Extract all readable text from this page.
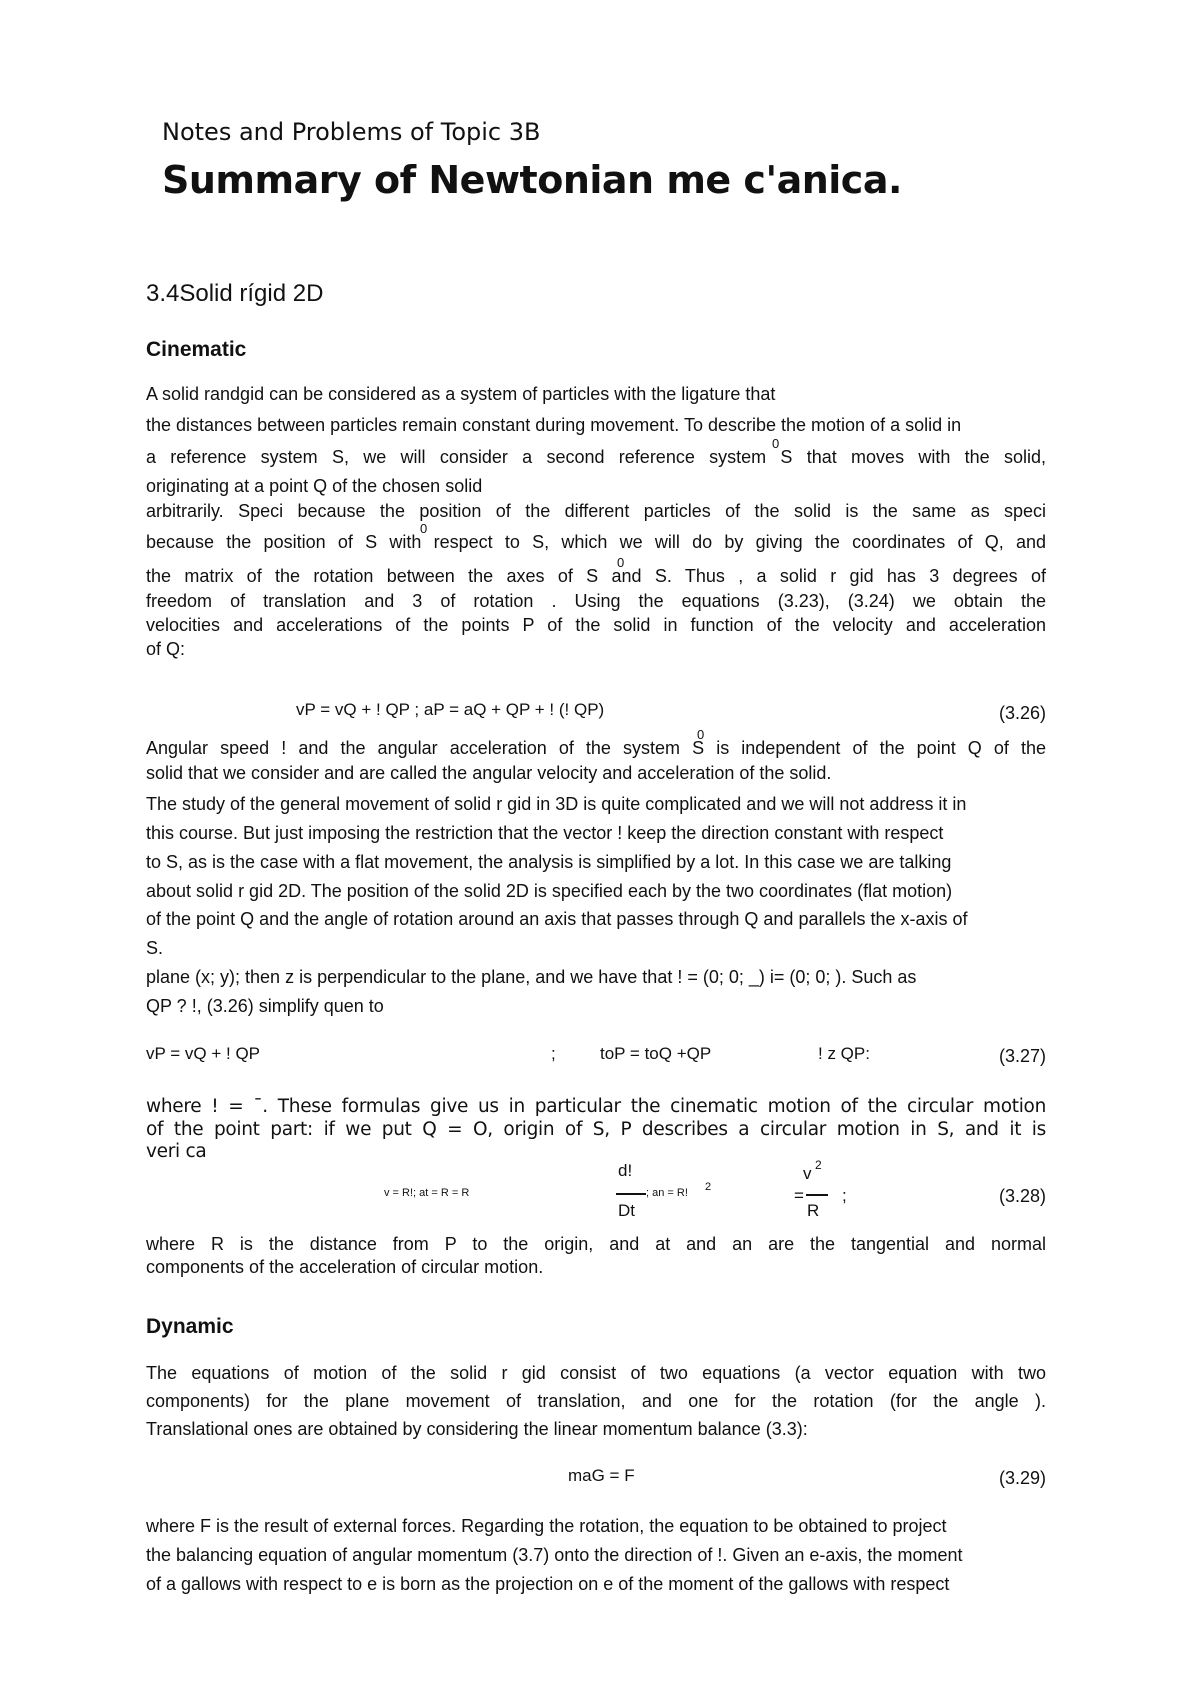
Notes and Problems of Topic 3B
Summary of Newtonian me c'anica.
3.4Solid rígid 2D
Cinematic
A solid randgid can be considered as a system of particles with the ligature that
the distances between particles remain constant during movement. To describe the motion of a solid in
a reference system S, we will consider a second reference system S that moves with the solid,
0
originating at a point Q of the chosen solid
arbitrarily. Speci because the position of the different particles of the solid is the same as speci
because the position of S with respect to S, which we will do by giving the coordinates of Q, and
0
the matrix of the rotation between the axes of S and S. Thus , a solid r gid has 3 degrees of
0
freedom of translation and 3 of rotation . Using the equations (3.23), (3.24) we obtain the
velocities and accelerations of the points P of the solid in function of the velocity and acceleration
of Q:
vP = vQ + ! QP ; aP = aQ + QP + ! (! QP)	(3.26)
Angular speed ! and the angular acceleration of the system S is independent of the point Q of the
0
solid that we consider and are called the angular velocity and acceleration of the solid.
The study of the general movement of solid r gid in 3D is quite complicated and we will not address it in
this course. But just imposing the restriction that the vector ! keep the direction constant with respect
to S, as is the case with a flat movement, the analysis is simplified by a lot. In this case we are talking
about solid r gid 2D. The position of the solid 2D is specified each by the two coordinates (flat motion)
of the point Q and the angle of rotation around an axis that passes through Q and parallels the x-axis of
S.
plane (x; y); then z is perpendicular to the plane, and we have that ! = (0; 0; _) i= (0; 0; ). Such as
QP ? !, (3.26) simplify quen to
vP = vQ + ! QP	;	toP = toQ +QP	! z QP:	(3.27)
where ! = ¯. These formulas give us in particular the cinematic motion of the circular motion
of the point part: if we put Q = O, origin of S, P describes a circular motion in S, and it is
veri ca
v = R!; at = R = R
d!
Dt
; an = R! 2
v 2
=
R
;	(3.28)
where R is the distance from P to the origin, and at and an are the tangential and normal
components of the acceleration of circular motion.
Dynamic
The equations of motion of the solid r gid consist of two equations (a vector equation with two
components) for the plane movement of translation, and one for the rotation (for the angle ).
Translational ones are obtained by considering the linear momentum balance (3.3):
maG = F	(3.29)
where F is the result of external forces. Regarding the rotation, the equation to be obtained to project
the balancing equation of angular momentum (3.7) onto the direction of !. Given an e-axis, the moment
of a gallows with respect to e is born as the projection on e of the moment of the gallows with respect
